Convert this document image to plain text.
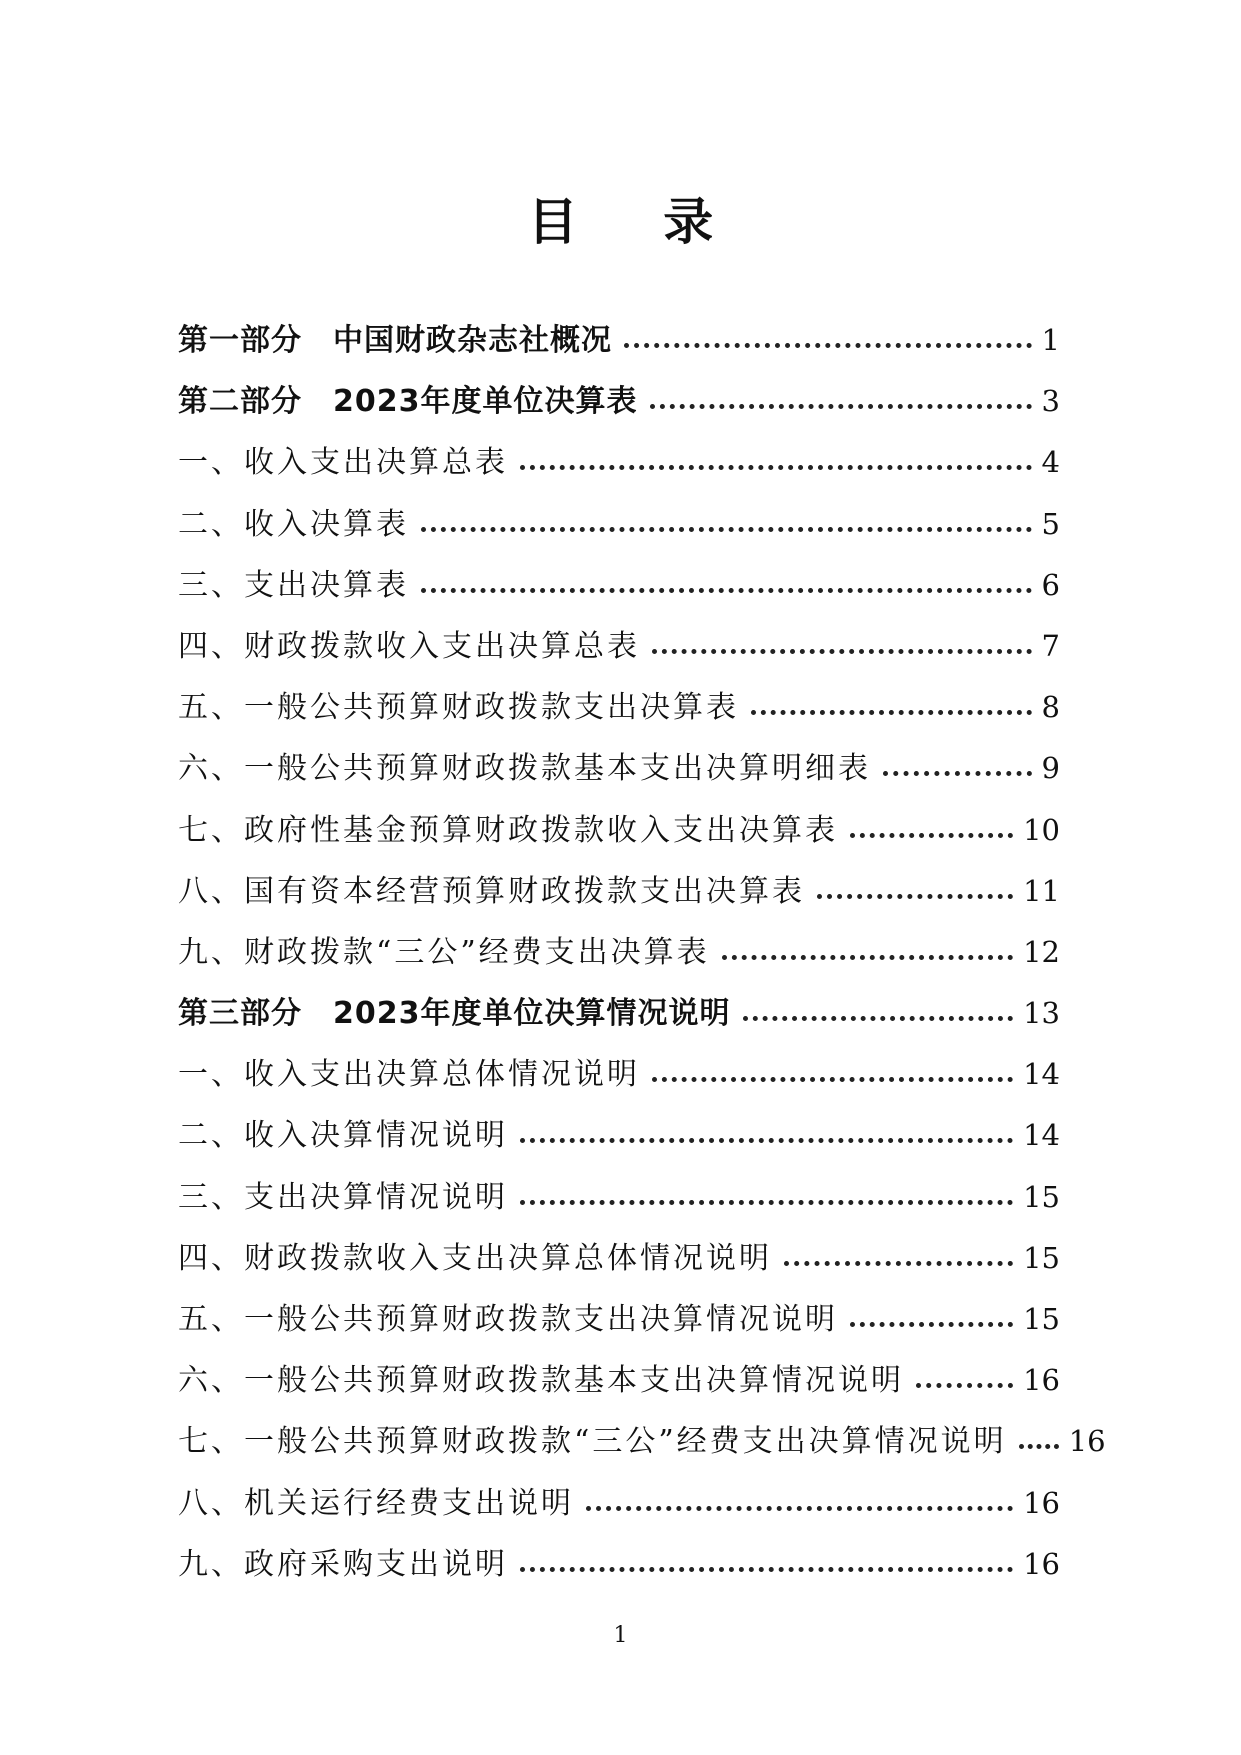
目 录
第一部分　中国财政杂志社概况	1
第二部分　2023年度单位决算表	3
一、收入支出决算总表	4
二、收入决算表	5
三、支出决算表	6
四、财政拨款收入支出决算总表	7
五、一般公共预算财政拨款支出决算表	8
六、一般公共预算财政拨款基本支出决算明细表	9
七、政府性基金预算财政拨款收入支出决算表	10
八、国有资本经营预算财政拨款支出决算表	11
九、财政拨款“三公”经费支出决算表	12
第三部分　2023年度单位决算情况说明	13
一、收入支出决算总体情况说明	14
二、收入决算情况说明	14
三、支出决算情况说明	15
四、财政拨款收入支出决算总体情况说明	15
五、一般公共预算财政拨款支出决算情况说明	15
六、一般公共预算财政拨款基本支出决算情况说明	16
七、一般公共预算财政拨款“三公”经费支出决算情况说明 16
八、机关运行经费支出说明	16
九、政府采购支出说明	16
1
